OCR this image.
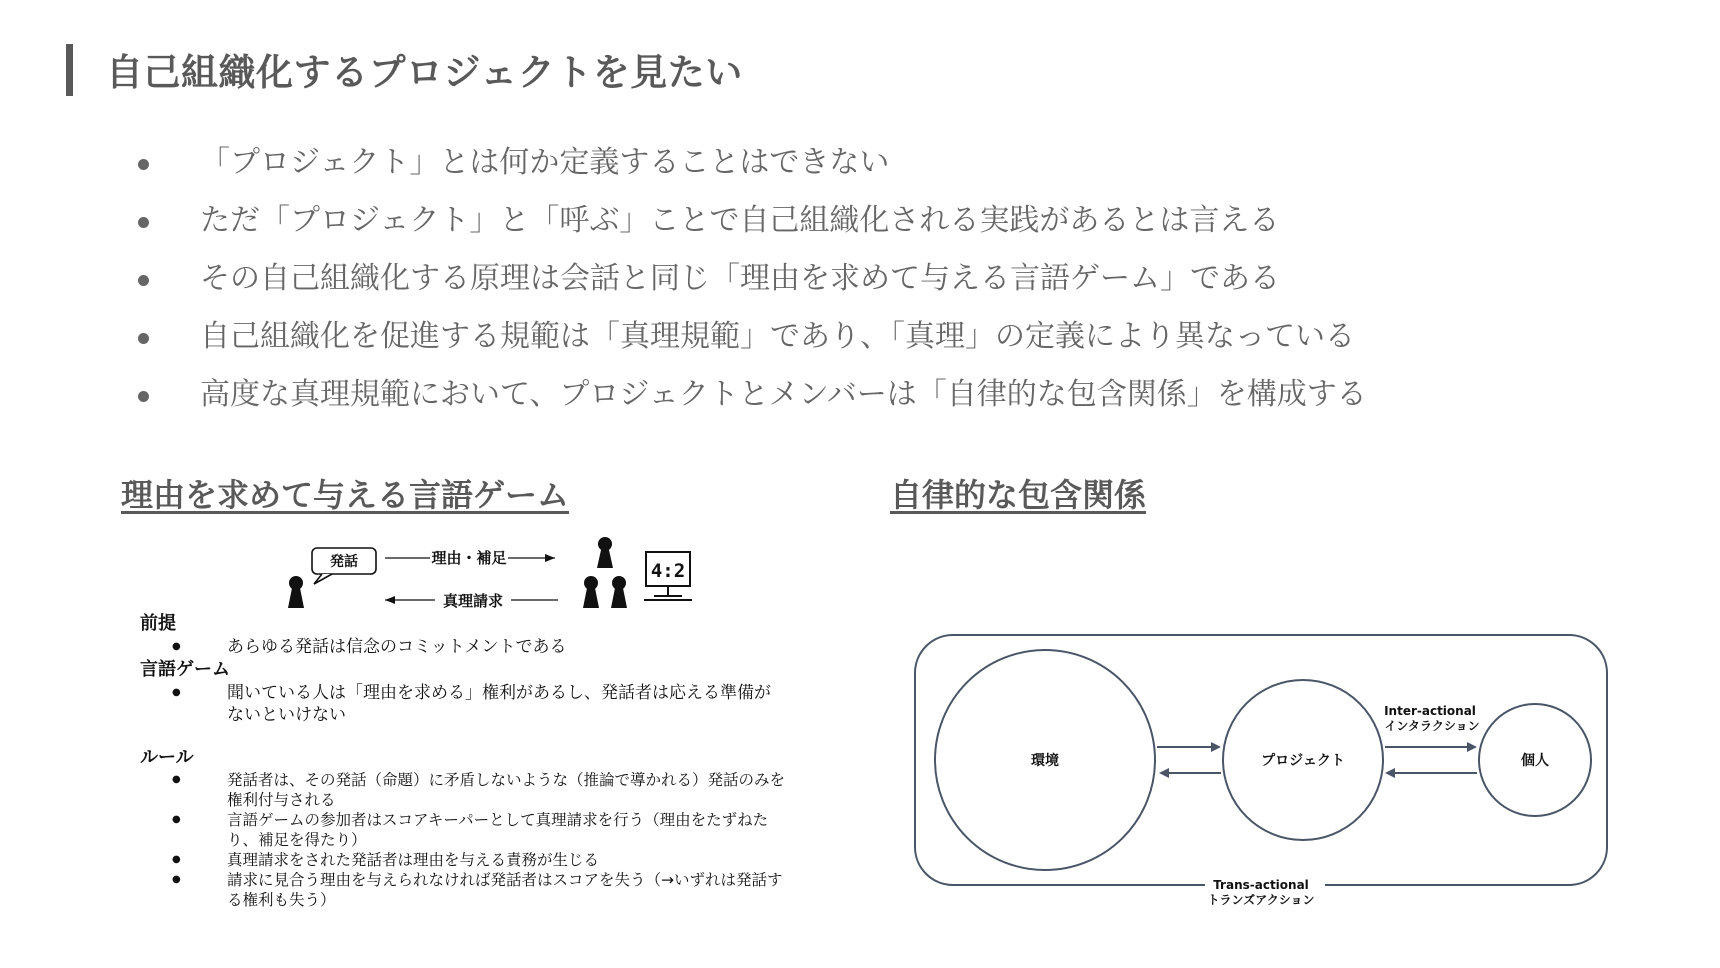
自己組織化するプロジェクトを見たい
「プロジェクト」とは何か定義することはできない
ただ「プロジェクト」と「呼ぶ」ことで自己組織化される実践があるとは言える
その自己組織化する原理は会話と同じ「理由を求めて与える言語ゲーム」である
自己組織化を促進する規範は「真理規範」であり、「真理」の定義により異なっている
高度な真理規範において、プロジェクトとメンバーは「自律的な包含関係」を構成する
理由を求めて与える言語ゲーム	自律的な包含関係
発話	理由・補足
真理請求
4:2

前提

● あらゆる発話は信念のコミットメントである

言語ゲーム

● 聞いている人は「理由を求める」権利があるし、発話者は応える準備がないといけない

ルール

● 発話者は、その発話（命題）に矛盾しないような（推論で導かれる）発話のみを権利付与される
● 言語ゲームの参加者はスコアキーパーとして真理請求を行う（理由をたずねたり、補足を得たり）
● 真理請求をされた発話者は理由を与える責務が生じる
● 請求に見合う理由を与えられなければ発話者はスコアを失う（→いずれは発話する権利も失う）
環境	プロジェクト	個人
Inter-actional
インタラクション
Trans-actional
トランズアクション
